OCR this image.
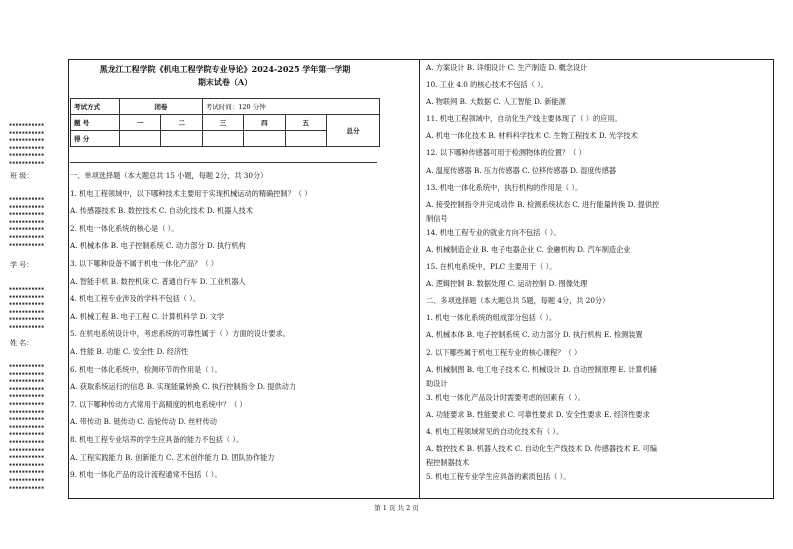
▪▪▪▪▪▪▪▪▪▪▪
▪▪▪▪▪▪▪▪▪▪▪
▪▪▪▪▪▪▪▪▪▪▪
▪▪▪▪▪▪▪▪▪▪▪
▪▪▪▪▪▪▪▪▪▪▪
▪▪▪▪▪▪▪▪▪▪▪
班 级：
▪▪▪▪▪▪▪▪▪▪▪
▪▪▪▪▪▪▪▪▪▪▪
▪▪▪▪▪▪▪▪▪▪▪
▪▪▪▪▪▪▪▪▪▪▪
▪▪▪▪▪▪▪▪▪▪▪
▪▪▪▪▪▪▪▪▪▪▪
▪▪▪▪▪▪▪▪▪▪▪
学 号：
▪▪▪▪▪▪▪▪▪▪▪
▪▪▪▪▪▪▪▪▪▪▪
▪▪▪▪▪▪▪▪▪▪▪
▪▪▪▪▪▪▪▪▪▪▪
▪▪▪▪▪▪▪▪▪▪▪
▪▪▪▪▪▪▪▪▪▪▪
姓 名：
▪▪▪▪▪▪▪▪▪▪▪
▪▪▪▪▪▪▪▪▪▪▪
▪▪▪▪▪▪▪▪▪▪▪
▪▪▪▪▪▪▪▪▪▪▪
▪▪▪▪▪▪▪▪▪▪▪
▪▪▪▪▪▪▪▪▪▪▪
▪▪▪▪▪▪▪▪▪▪▪
▪▪▪▪▪▪▪▪▪▪▪
▪▪▪▪▪▪▪▪▪▪▪
▪▪▪▪▪▪▪▪▪▪▪
▪▪▪▪▪▪▪▪▪▪▪
▪▪▪▪▪▪▪▪▪▪▪
▪▪▪▪▪▪▪▪▪▪▪
▪▪▪▪▪▪▪▪▪▪▪
▪▪▪▪▪▪▪▪▪▪▪
▪▪▪▪▪▪▪▪▪▪▪
▪▪▪▪▪▪▪▪▪▪▪
黑龙江工程学院《机电工程学院专业导论》2024-2025 学年第一学期
期末试卷（A）
考试方式	闭卷		考试时间：120 分钟			
题 号	一	二	三	四	五	总分
得 分						
一、单项选择题（本大题总共 15 小题，每题 2分，共 30分）
1. 机电工程领域中，以下哪种技术主要用于实现机械运动的精确控制？（ ）
A. 传感器技术 B. 数控技术 C. 自动化技术 D. 机器人技术
2. 机电一体化系统的核心是（ ）。
A. 机械本体 B. 电子控制系统 C. 动力部分 D. 执行机构
3. 以下哪种设备不属于机电一体化产品？（ ）
A. 智能手机 B. 数控机床 C. 普通自行车 D. 工业机器人
4. 机电工程专业涉及的学科不包括（ ）。
A. 机械工程 B. 电子工程 C. 计算机科学 D. 文学
5. 在机电系统设计中，考虑系统的可靠性属于（ ）方面的设计要求。
A. 性能 B. 功能 C. 安全性 D. 经济性
6. 机电一体化系统中，检测环节的作用是（ ）。
A. 获取系统运行的信息 B. 实现能量转换 C. 执行控制指令 D. 提供动力
7. 以下哪种传动方式常用于高精度的机电系统中？（ ）
A. 带传动 B. 链传动 C. 齿轮传动 D. 丝杆传动
8. 机电工程专业培养的学生应具备的能力不包括（ ）。
A. 工程实践能力 B. 创新能力 C. 艺术创作能力 D. 团队协作能力
9. 机电一体化产品的设计流程通常不包括（ ）。
A. 方案设计 B. 详细设计 C. 生产制造 D. 概念设计
10. 工业 4.0 的核心技术不包括（ ）。
A. 物联网 B. 大数据 C. 人工智能 D. 新能源
11. 机电工程领域中，自动化生产线主要体现了（ ）的应用。
A. 机电一体化技术 B. 材料科学技术 C. 生物工程技术 D. 光学技术
12. 以下哪种传感器可用于检测物体的位置？（ ）
A. 温度传感器 B. 压力传感器 C. 位移传感器 D. 湿度传感器
13. 机电一体化系统中，执行机构的作用是（ ）。
A. 接受控制指令并完成动作 B. 检测系统状态 C. 进行能量转换 D. 提供控
制信号
14. 机电工程专业的就业方向不包括（ ）。
A. 机械制造企业 B. 电子电器企业 C. 金融机构 D. 汽车制造企业
15. 在机电系统中，PLC 主要用于（ ）。
A. 逻辑控制 B. 数据处理 C. 运动控制 D. 图像处理
二、多项选择题（本大题总共 5题，每题 4分，共 20分）
1. 机电一体化系统的组成部分包括（ ）。
A. 机械本体 B. 电子控制系统 C. 动力部分 D. 执行机构 E. 检测装置
2. 以下哪些属于机电工程专业的核心课程？（ ）
A. 机械制图 B. 电工电子技术 C. 机械设计 D. 自动控制原理 E. 计算机辅
助设计
3. 机电一体化产品设计时需要考虑的因素有（ ）。
A. 功能要求 B. 性能要求 C. 可靠性要求 D. 安全性要求 E. 经济性要求
4. 机电工程领域常见的自动化技术有（ ）。
A. 数控技术 B. 机器人技术 C. 自动化生产线技术 D. 传感器技术 E. 可编
程控制器技术
5. 机电工程专业学生应具备的素质包括（ ）。
第 1 页 共 2 页
